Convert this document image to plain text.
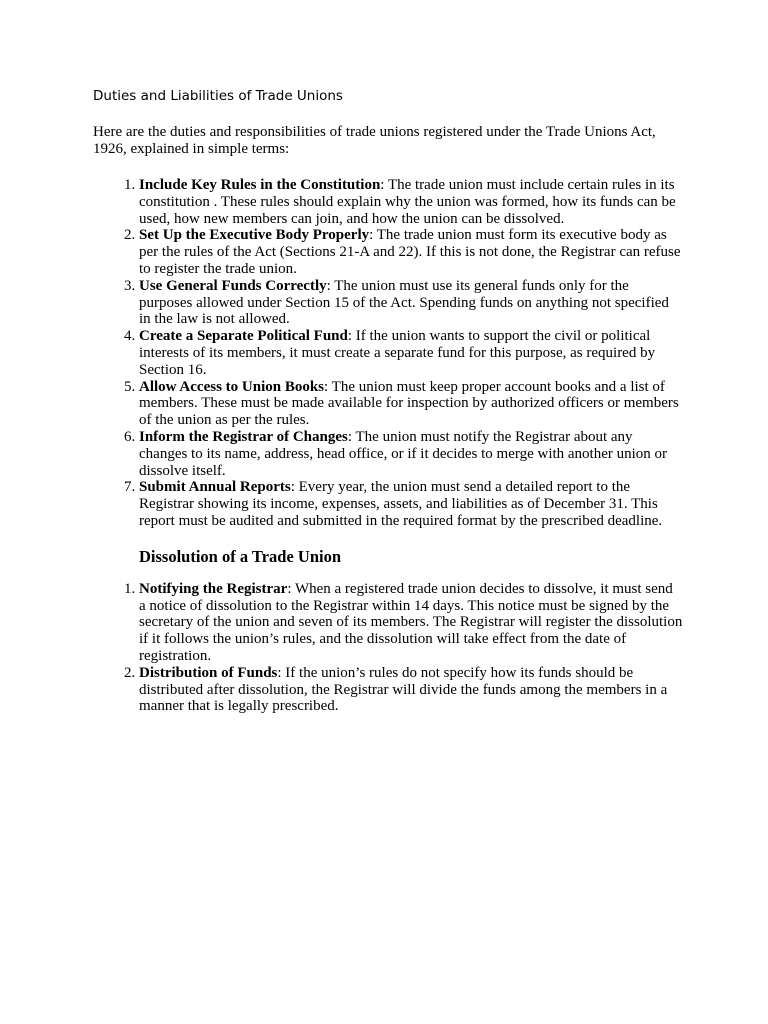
Duties and Liabilities of Trade Unions

Here are the duties and responsibilities of trade unions registered under the Trade Unions Act, 1926, explained in simple terms:

1. Include Key Rules in the Constitution: The trade union must include certain rules in its constitution . These rules should explain why the union was formed, how its funds can be used, how new members can join, and how the union can be dissolved.
2. Set Up the Executive Body Properly: The trade union must form its executive body as per the rules of the Act (Sections 21-A and 22). If this is not done, the Registrar can refuse to register the trade union.
3. Use General Funds Correctly: The union must use its general funds only for the purposes allowed under Section 15 of the Act. Spending funds on anything not specified in the law is not allowed.
4. Create a Separate Political Fund: If the union wants to support the civil or political interests of its members, it must create a separate fund for this purpose, as required by Section 16.
5. Allow Access to Union Books: The union must keep proper account books and a list of members. These must be made available for inspection by authorized officers or members of the union as per the rules.
6. Inform the Registrar of Changes: The union must notify the Registrar about any changes to its name, address, head office, or if it decides to merge with another union or dissolve itself.
7. Submit Annual Reports: Every year, the union must send a detailed report to the Registrar showing its income, expenses, assets, and liabilities as of December 31. This report must be audited and submitted in the required format by the prescribed deadline.
Dissolution of a Trade Union
1. Notifying the Registrar: When a registered trade union decides to dissolve, it must send a notice of dissolution to the Registrar within 14 days. This notice must be signed by the secretary of the union and seven of its members. The Registrar will register the dissolution if it follows the union’s rules, and the dissolution will take effect from the date of registration.
2. Distribution of Funds: If the union’s rules do not specify how its funds should be distributed after dissolution, the Registrar will divide the funds among the members in a manner that is legally prescribed.
